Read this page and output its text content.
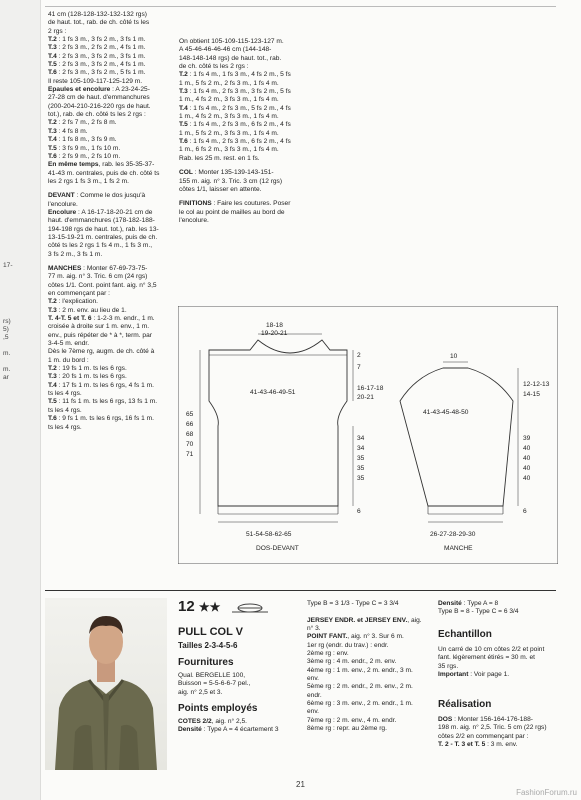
17-
rs)
5)
,5
m.
m.
ar
41 cm (128-128-132-132-132 rgs)
de haut. tot., rab. de ch. côté ts les
2 rgs :
T.2 : 1 fs 3 m., 3 fs 2 m., 3 fs 1 m.
T.3 : 2 fs 3 m., 2 fs 2 m., 4 fs 1 m.
T.4 : 2 fs 3 m., 3 fs 2 m., 3 fs 1 m.
T.5 : 2 fs 3 m., 3 fs 2 m., 4 fs 1 m.
T.6 : 2 fs 3 m., 3 fs 2 m., 5 fs 1 m.
Il reste 105-109-117-125-129 m.
Epaules et encolure : A 23-24-25-
27-28 cm de haut. d'emmanchures
(200-204-210-216-220 rgs de haut.
tot.), rab. de ch. côté ts les 2 rgs :
T.2 : 2 fs 7 m., 2 fs 8 m.
T.3 : 4 fs 8 m.
T.4 : 1 fs 8 m., 3 fs 9 m.
T.5 : 3 fs 9 m., 1 fs 10 m.
T.6 : 2 fs 9 m., 2 fs 10 m.
En même temps, rab. les 35-35-37-
41-43 m. centrales, puis de ch. côté ts
les 2 rgs 1 fs 3 m., 1 fs 2 m.
DEVANT : Comme le dos jusqu'à
l'encolure.
Encolure : A 16-17-18-20-21 cm de
haut. d'emmanchures (178-182-188-
194-198 rgs de haut. tot.), rab. les 13-
13-15-19-21 m. centrales, puis de ch.
côté ts les 2 rgs 1 fs 4 m., 1 fs 3 m.,
3 fs 2 m., 3 fs 1 m.
MANCHES : Monter 67-69-73-75-
77 m. aig. n° 3. Tric. 6 cm (24 rgs)
côtes 1/1. Cont. point fant. aig. n° 3,5
en commençant par :
T.2 : l'explication.
T.3 : 2 m. env. au lieu de 1.
T. 4-T. 5 et T. 6 : 1-2-3 m. endr., 1 m.
croisée à droite sur 1 m. env., 1 m.
env., puis répéter de * à *, term. par
3-4-5 m. endr.
Dès le 7ème rg, augm. de ch. côté à
1 m. du bord :
T.2 : 19 fs 1 m. ts les 6 rgs.
T.3 : 20 fs 1 m. ts les 6 rgs.
T.4 : 17 fs 1 m. ts les 6 rgs, 4 fs 1 m.
ts les 4 rgs.
T.5 : 11 fs 1 m. ts les 6 rgs, 13 fs 1 m.
ts les 4 rgs.
T.6 : 9 fs 1 m. ts les 6 rgs, 16 fs 1 m.
ts les 4 rgs.
On obtient 105-109-115-123-127 m.
A 45-46-46-46-46 cm (144-148-
148-148-148 rgs) de haut. tot., rab.
de ch. côté ts les 2 rgs :
T.2 : 1 fs 4 m., 1 fs 3 m., 4 fs 2 m., 5 fs
1 m., 5 fs 2 m., 2 fs 3 m., 1 fs 4 m.
T.3 : 1 fs 4 m., 2 fs 3 m., 3 fs 2 m., 5 fs
1 m., 4 fs 2 m., 3 fs 3 m., 1 fs 4 m.
T.4 : 1 fs 4 m., 2 fs 3 m., 5 fs 2 m., 4 fs
1 m., 4 fs 2 m., 3 fs 3 m., 1 fs 4 m.
T.5 : 1 fs 4 m., 2 fs 3 m., 6 fs 2 m., 4 fs
1 m., 5 fs 2 m., 3 fs 3 m., 1 fs 4 m.
T.6 : 1 fs 4 m., 2 fs 3 m., 6 fs 2 m., 4 fs
1 m., 6 fs 2 m., 3 fs 3 m., 1 fs 4 m.
Rab. les 25 m. rest. en 1 fs.
COL : Monter 135-139-143-151-
155 m. aig. n° 3. Tric. 3 cm (12 rgs)
côtes 1/1, laisser en attente.
FINITIONS : Faire les coutures. Poser
le col au point de mailles au bord de
l'encolure.
18-18
19-20-21
41-43-46-49-51
2
7
16-17-18
20-21
65
66
68
70
71
34
34
35
35
35
6
51-54-58-62-65
DOS-DEVANT
10
12-12-13
14-15
41-43-45-48-50
39
40
40
40
40
6
26-27-28-29-30
MANCHE
12 ★★
PULL COL V
Tailles 2-3-4-5-6
Fournitures
Qual. BERGELLE 100,
Buisson = 5-5-6-6-7 pel.,
aig. n° 2,5 et 3.
Points employés
COTES 2/2, aig. n° 2,5.
Densité : Type A = 4 écartement 3
Type B = 3 1/3 - Type C = 3 3/4

JERSEY ENDR. et JERSEY ENV., aig.
n° 3.
POINT FANT., aig. n° 3. Sur 6 m.
1er rg (endr. du trav.) : endr.
2ème rg : env.
3ème rg : 4 m. endr., 2 m. env.
4ème rg : 1 m. env., 2 m. endr., 3 m.
env.
5ème rg : 2 m. endr., 2 m. env., 2 m.
endr.
6ème rg : 3 m. env., 2 m. endr., 1 m.
env.
7ème rg : 2 m. env., 4 m. endr.
8ème rg : repr. au 2ème rg.
Densité : Type A = 8
Type B = 8 - Type C = 6 3/4
Echantillon
Un carré de 10 cm côtes 2/2 et point
fant. légèrement étirés = 30 m. et
35 rgs.
Important : Voir page 1.
Réalisation
DOS : Monter 156-164-176-188-
198 m. aig. n° 2,5. Tric. 5 cm (22 rgs)
côtes 2/2 en commençant par :
T. 2 - T. 3 et T. 5 : 3 m. env.
21
FashionForum.ru
